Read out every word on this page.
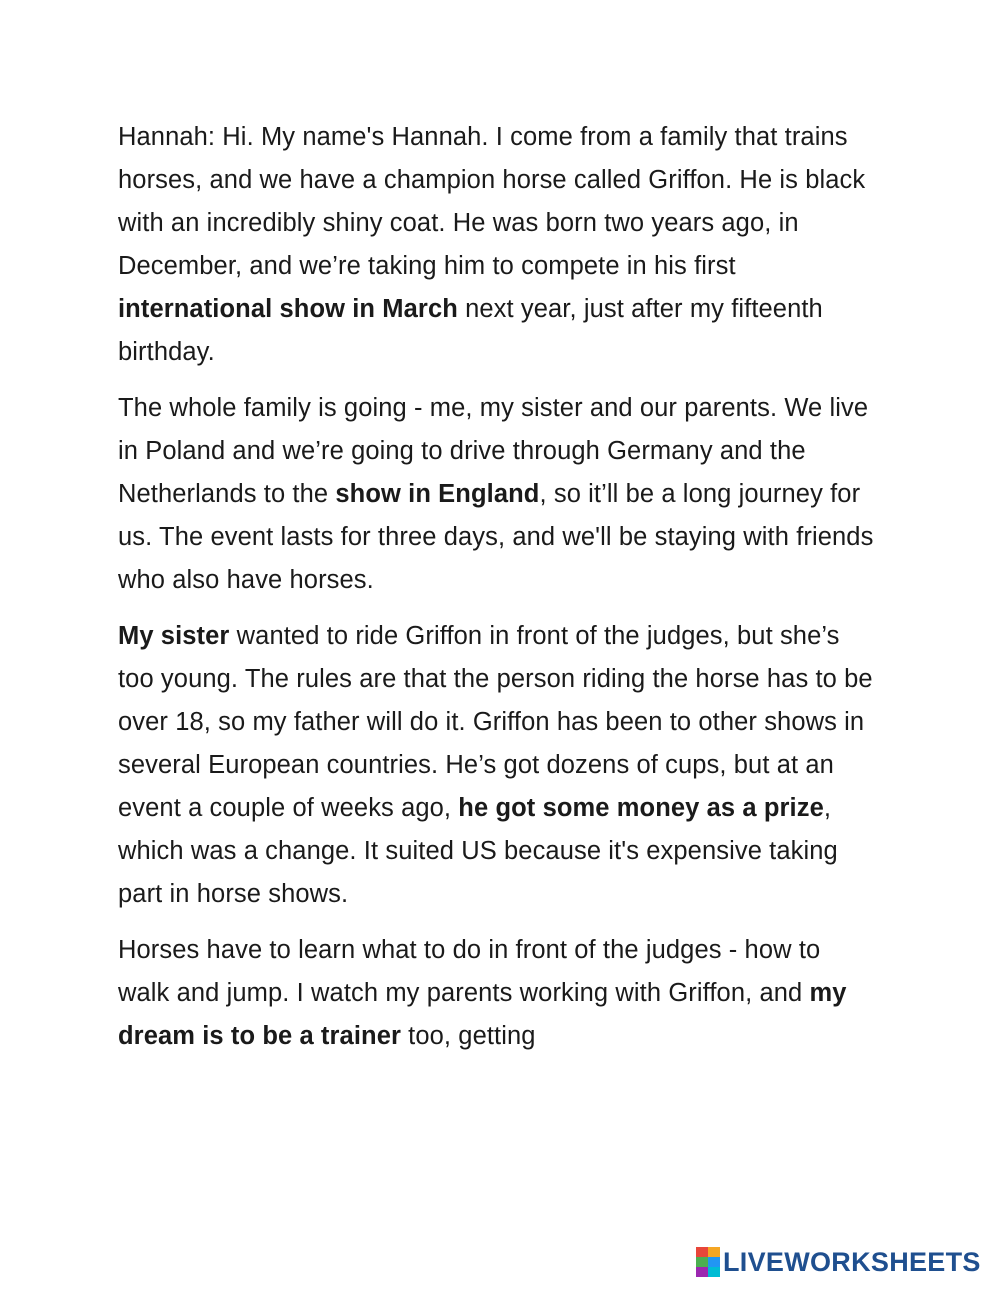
Hannah: Hi. My name's Hannah. I come from a family that trains horses, and we have a champion horse called Griffon. He is black with an incredibly shiny coat. He was born two years ago, in December, and we’re taking him to compete in his first international show in March next year, just after my fifteenth birthday.

The whole family is going - me, my sister and our parents. We live in Poland and we’re going to drive through Germany and the Netherlands to the show in England, so it’ll be a long journey for us. The event lasts for three days, and we'll be staying with friends who also have horses.

My sister wanted to ride Griffon in front of the judges, but she’s too young. The rules are that the person riding the horse has to be over 18, so my father will do it. Griffon has been to other shows in several European countries. He’s got dozens of cups, but at an event a couple of weeks ago, he got some money as a prize, which was a change. It suited US because it's expensive taking part in horse shows.

Horses have to learn what to do in front of the judges - how to walk and jump. I watch my parents working with Griffon, and my dream is to be a trainer too, getting

LIVEWORKSHEETS
